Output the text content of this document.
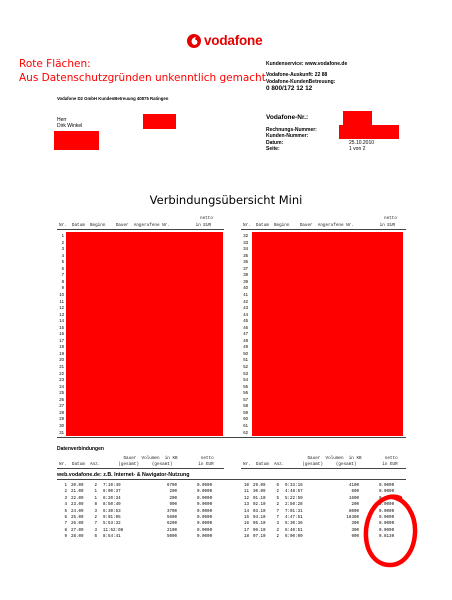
vodafone
Rote Flächen:
Aus Datenschutzgründen unkenntlich gemacht
Kundenservice: www.vodafone.de
Vodafone-Auskunft: 22 88
Vodafone-KundenBetreuung:
0 800/172 12 12
Vodafone D2 GmbH KundenBetreuung 40875 Ratingen
Herr
Dirk Winkel
Vodafone-Nr.:
Rechnungs-Nummer:
Kunden-Nummer:
Datum:
Seite:
25.10.2010
1 von 2
Verbindungsübersicht Mini
netto
Nr.  Datum  Beginn    Dauer  Angerufene Nr.          in EUR
netto
Nr.  Datum  Beginn    Dauer  Angerufene Nr.          in EUR
1
2
3
4
5
6
7
8
9
10
11
12
13
14
15
16
17
18
19
20
21
22
23
24
25
26
27
28
29
30
31
32
33
34
35
36
37
38
39
40
41
42
43
44
45
46
47
48
49
50
51
52
53
54
55
56
57
58
59
60
61
62
Datenverbindungen
Dauer  Volumen  in KB         netto
Nr.  Datum  Anz.       (gesamt)     (gesamt)          in EUR
Dauer  Volumen  in KB         netto
Nr.  Datum  Anz.       (gesamt)     (gesamt)          in EUR
web.vodafone.de: z.B. Internet- & Navigator-Nutzung
1 20.09	2 7:10:49	6700	0.0000
2 21.09	1 6:00:37	200	0.0000
3 22.09	1 6:20:34	200	0.0000
4 23.09	8 8:50:49	900	0.0000
5 24.09	3 6:30:53	3700	0.0000
6 25.09	2 9:01:05	5600	0.0000
7 26.09	7 5:53:32	6200	0.0000
8 27.09	3 11:52:08	2100	0.0000
9 28.09	6 8:54:41	5000	0.0000
10 29.09	6 9:33:16	4100	0.0000
11 30.09	2 4:48:57	600	0.0000
12 01.10	5 5:22:59	1600	0.0000
13 02.10	2 2:50:28	200	0.0000
14 03.10	7 7:01:31	8000	0.0000
15 04.10	7 4:47:51	16300	0.0000
16 05.10	3 5:30:36	300	0.0000
17 06.10	2 6:40:51	300	0.0000
18 07.10	2 6:00:00	900	0.8130
